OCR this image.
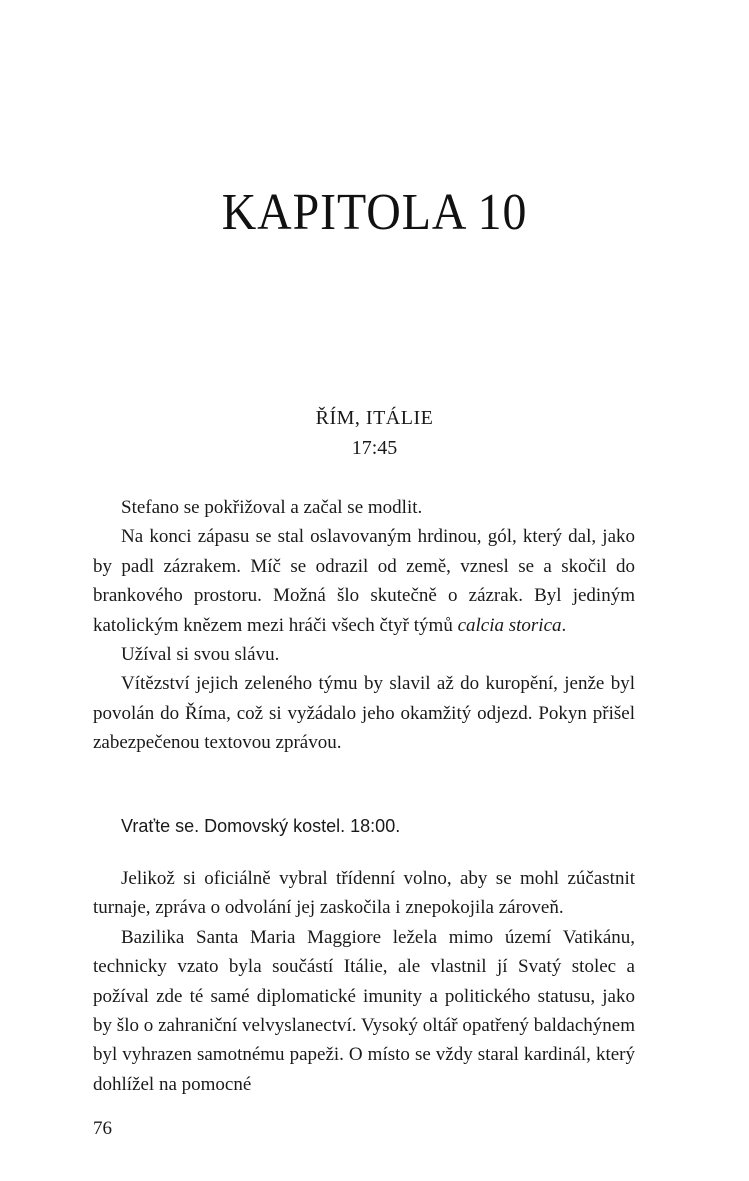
KAPITOLA 10
ŘÍM, ITÁLIE
17:45

Stefano se pokřižoval a začal se modlit.

Na konci zápasu se stal oslavovaným hrdinou, gól, který dal, jako by padl zázrakem. Míč se odrazil od země, vznesl se a skočil do brankového prostoru. Možná šlo skutečně o zázrak. Byl jediným katolickým knězem mezi hráči všech čtyř týmů calcia storica.

Užíval si svou slávu.

Vítězství jejich zeleného týmu by slavil až do kuropění, jenže byl povolán do Říma, což si vyžádalo jeho okamžitý odjezd. Pokyn přišel zabezpečenou textovou zprávou.

Vraťte se. Domovský kostel. 18:00.

Jelikož si oficiálně vybral třídenní volno, aby se mohl zúčastnit turnaje, zpráva o odvolání jej zaskočila i znepokojila zároveň.

Bazilika Santa Maria Maggiore ležela mimo území Vatikánu, technicky vzato byla součástí Itálie, ale vlastnil jí Svatý stolec a požíval zde té samé diplomatické imunity a politického statusu, jako by šlo o zahraniční velvyslanectví. Vysoký oltář opatřený baldachýnem byl vyhrazen samotnému papeži. O místo se vždy staral kardinál, který dohlížel na pomocné

76
